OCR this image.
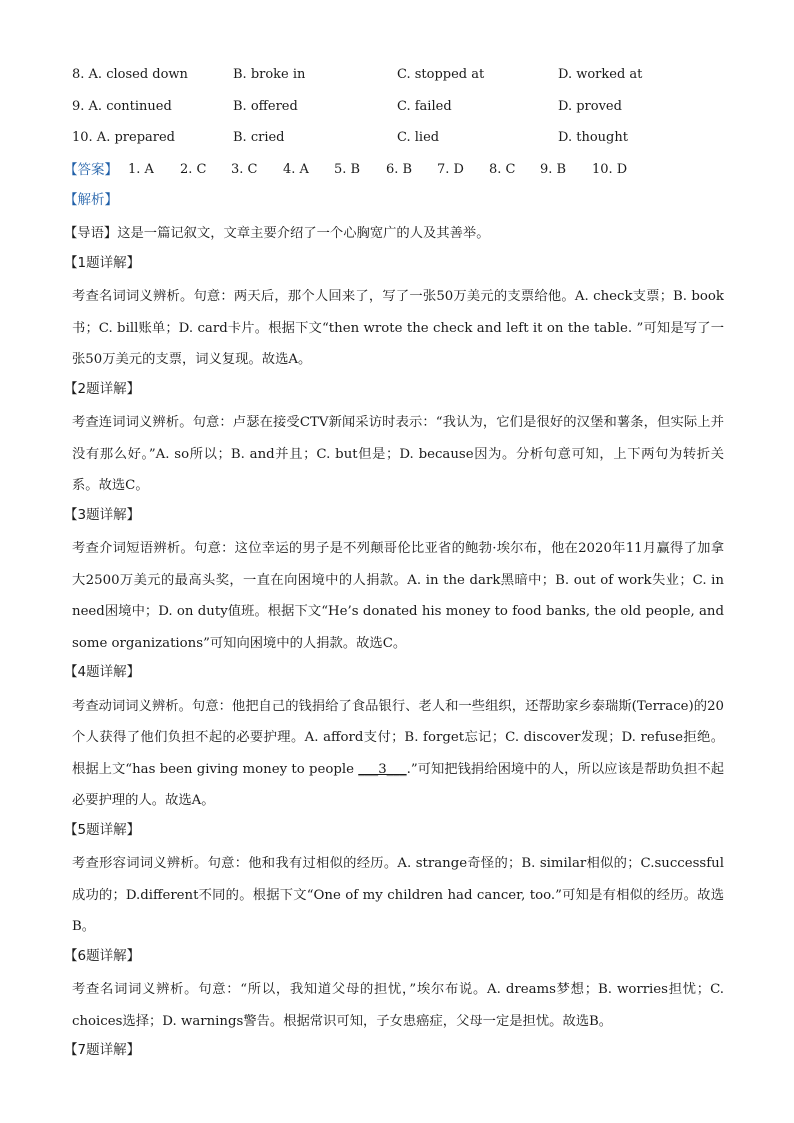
8. A. closed down	B. broke in	C. stopped at	D. worked at
9. A. continued	B. offered	C. failed	D. proved
10. A. prepared	B. cried	C. lied	D. thought
【答案】 1. A 2. C 3. C 4. A 5. B 6. B 7. D 8. C 9. B 10. D
【解析】
【导语】这是一篇记叙文，文章主要介绍了一个心胸宽广的人及其善举。
【1题详解】
考查名词词义辨析。句意：两天后，那个人回来了，写了一张50万美元的支票给他。A. check支票；B. book书；C. bill账单；D. card卡片。根据下文“then wrote the check and left it on the table. ”可知是写了一张50万美元的支票，词义复现。故选A。
【2题详解】
考查连词词义辨析。句意：卢瑟在接受CTV新闻采访时表示：“我认为，它们是很好的汉堡和薯条，但实际上并没有那么好。”A. so所以；B. and并且；C. but但是；D. because因为。分析句意可知，上下两句为转折关系。故选C。
【3题详解】
考查介词短语辨析。句意：这位幸运的男子是不列颠哥伦比亚省的鲍勃·埃尔布，他在2020年11月赢得了加拿大2500万美元的最高头奖，一直在向困境中的人捐款。A. in the dark黑暗中；B. out of work失业；C. in need困境中；D. on duty值班。根据下文“He’s donated his money to food banks, the old people, and some organizations”可知向困境中的人捐款。故选C。
【4题详解】
考查动词词义辨析。句意：他把自己的钱捐给了食品银行、老人和一些组织，还帮助家乡泰瑞斯(Terrace)的20个人获得了他们负担不起的必要护理。A. afford支付；B. forget忘记；C. discover发现；D. refuse拒绝。根据上文“has been giving money to people ___3___.”可知把钱捐给困境中的人，所以应该是帮助负担不起必要护理的人。故选A。
【5题详解】
考查形容词词义辨析。句意：他和我有过相似的经历。A. strange奇怪的；B. similar相似的；C.successful成功的；D.different不同的。根据下文“One of my children had cancer, too.”可知是有相似的经历。故选B。
【6题详解】
考查名词词义辨析。句意：“所以，我知道父母的担忧，”埃尔布说。A. dreams梦想；B. worries担忧；C. choices选择；D. warnings警告。根据常识可知，子女患癌症，父母一定是担忧。故选B。
【7题详解】
